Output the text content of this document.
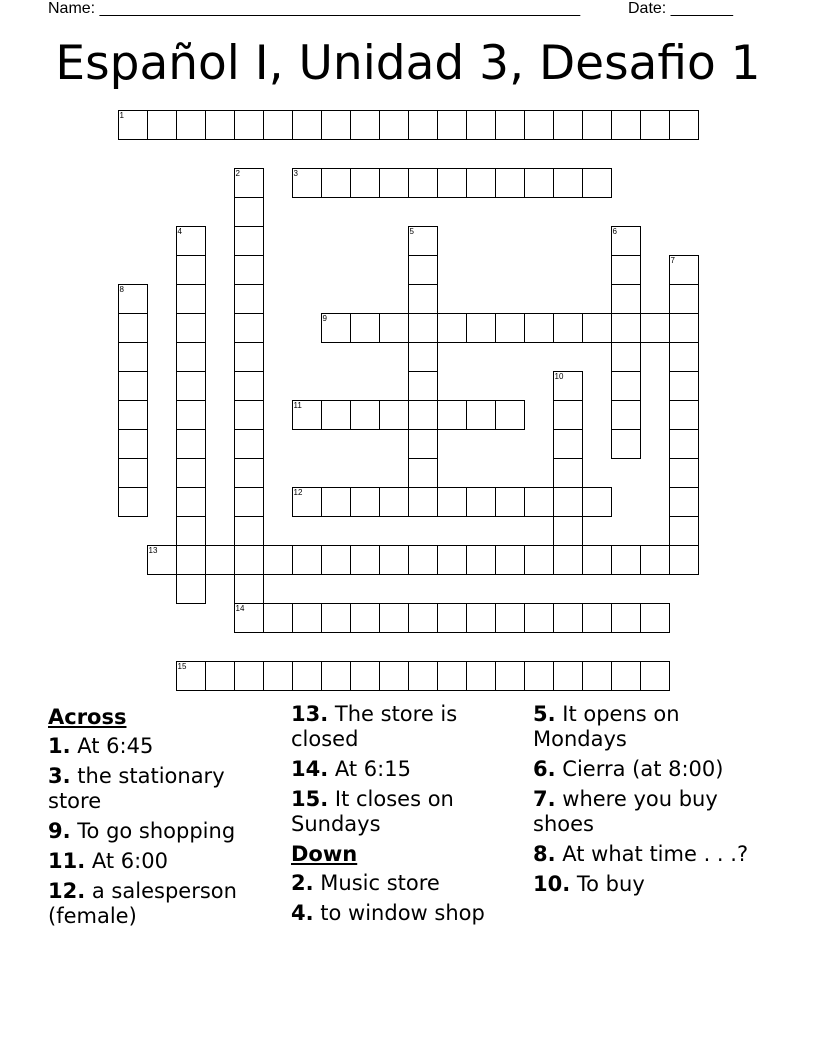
Name: ______________________________________________________	Date: _______
Español I, Unidad 3, Desafio 1
1
2	3
4	5	6
7
8
9
10
11
12
13
14
15
Across
1. At 6:45
3. the stationary store
9. To go shopping
11. At 6:00
12. a salesperson (female)
13. The store is closed
14. At 6:15
15. It closes on Sundays
Down
2. Music store
4. to window shop
5. It opens on Mondays
6. Cierra (at 8:00)
7. where you buy shoes
8. At what time . . .?
10. To buy
